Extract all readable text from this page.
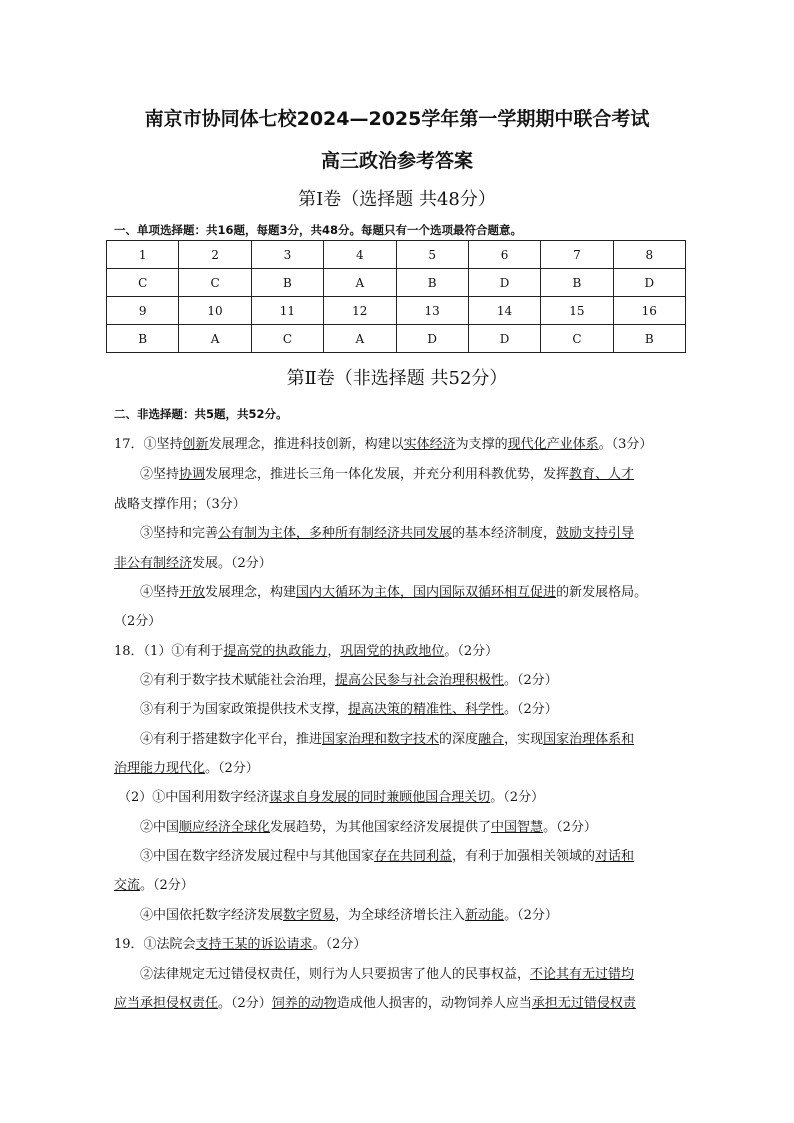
南京市协同体七校2024—2025学年第一学期期中联合考试
高三政治参考答案
第Ⅰ卷（选择题 共48分）
一、单项选择题：共16题，每题3分，共48分。每题只有一个选项最符合题意。
1	2	3	4	5	6	7	8
C	C	B	A	B	D	B	D
9	10	11	12	13	14	15	16
B	A	C	A	D	D	C	B
第Ⅱ卷（非选择题 共52分）
二、非选择题：共5题，共52分。
17．①坚持创新发展理念，推进科技创新，构建以实体经济为支撑的现代化产业体系。（3分）
②坚持协调发展理念，推进长三角一体化发展，并充分利用科教优势，发挥教育、人才
战略支撑作用；（3分）
③坚持和完善公有制为主体，多种所有制经济共同发展的基本经济制度，鼓励支持引导
非公有制经济发展。（2分）
④坚持开放发展理念，构建国内大循环为主体，国内国际双循环相互促进的新发展格局。
（2分）
18．（1）①有利于提高党的执政能力，巩固党的执政地位。（2分）
②有利于数字技术赋能社会治理，提高公民参与社会治理积极性。（2分）
③有利于为国家政策提供技术支撑，提高决策的精准性、科学性。（2分）
④有利于搭建数字化平台，推进国家治理和数字技术的深度融合，实现国家治理体系和
治理能力现代化。（2分）
（2）①中国利用数字经济谋求自身发展的同时兼顾他国合理关切。（2分）
②中国顺应经济全球化发展趋势，为其他国家经济发展提供了中国智慧。（2分）
③中国在数字经济发展过程中与其他国家存在共同利益，有利于加强相关领域的对话和
交流。（2分）
④中国依托数字经济发展数字贸易，为全球经济增长注入新动能。（2分）
19．①法院会支持王某的诉讼请求。（2分）
②法律规定无过错侵权责任，则行为人只要损害了他人的民事权益，不论其有无过错均
应当承担侵权责任。（2分）饲养的动物造成他人损害的，动物饲养人应当承担无过错侵权责
